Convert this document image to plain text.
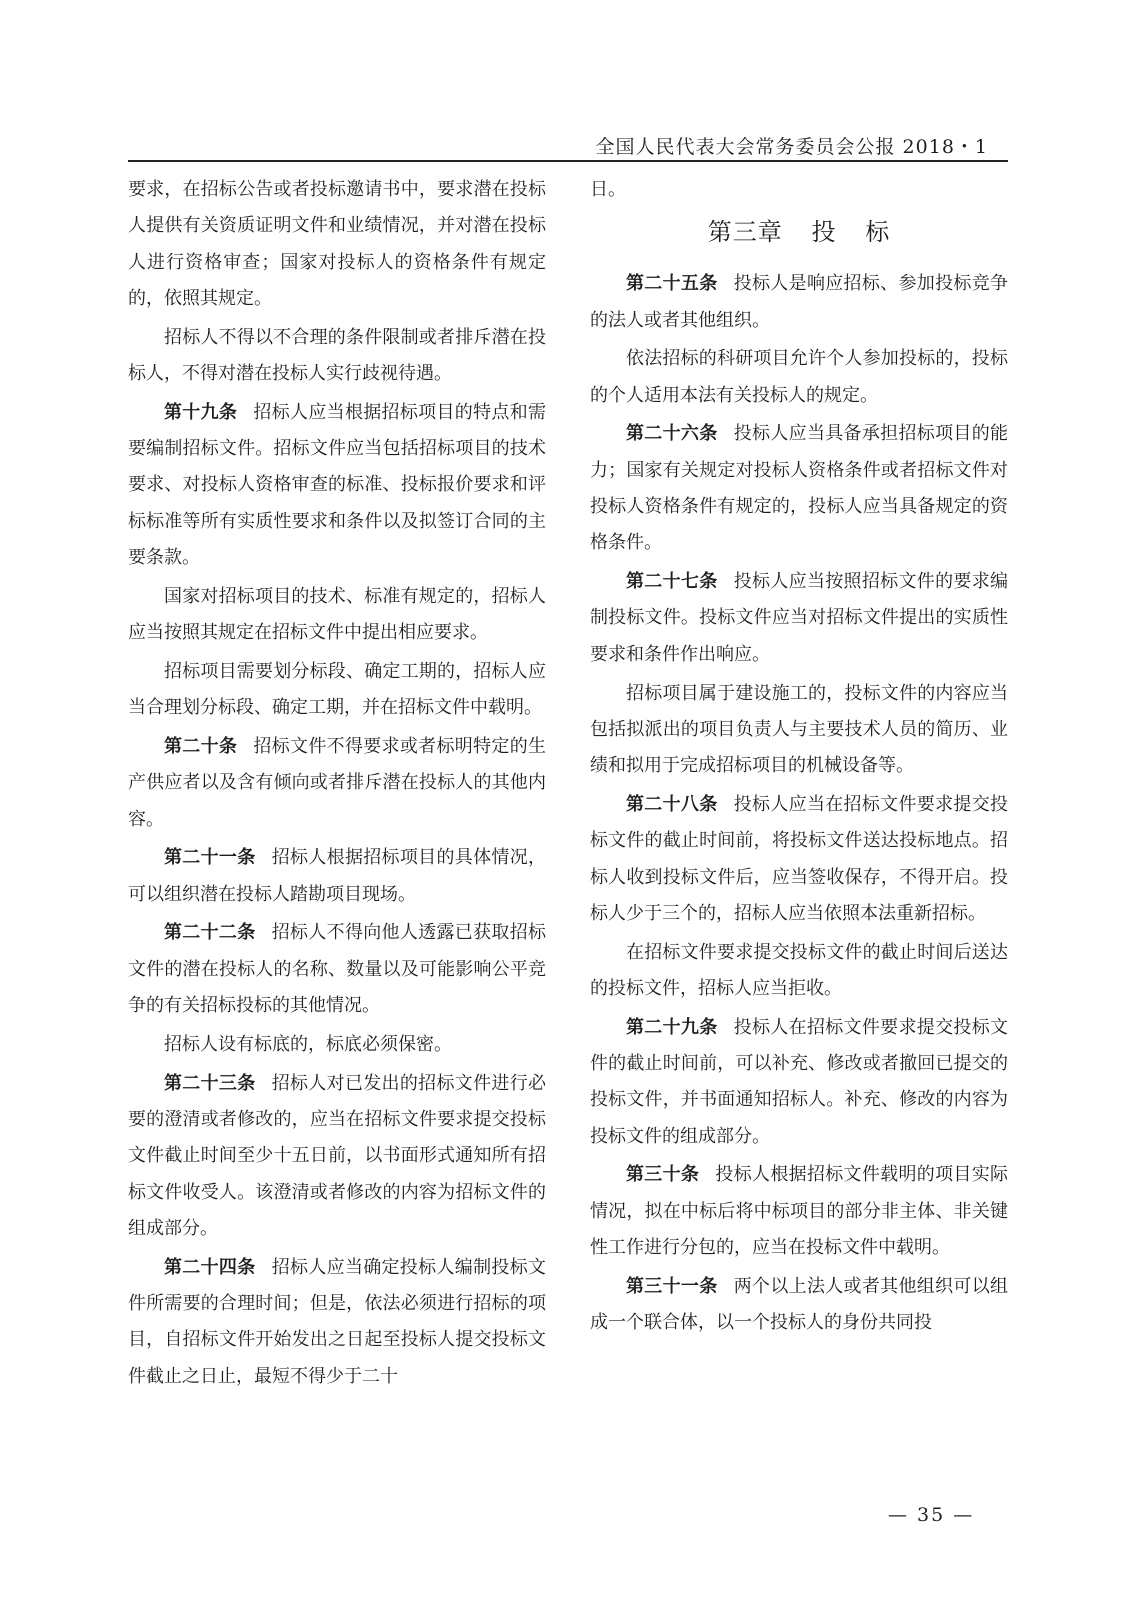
全国人民代表大会常务委员会公报 2018・1

要求，在招标公告或者投标邀请书中，要求潜在投标人提供有关资质证明文件和业绩情况，并对潜在投标人进行资格审查；国家对投标人的资格条件有规定的，依照其规定。

招标人不得以不合理的条件限制或者排斥潜在投标人，不得对潜在投标人实行歧视待遇。

第十九条 招标人应当根据招标项目的特点和需要编制招标文件。招标文件应当包括招标项目的技术要求、对投标人资格审查的标准、投标报价要求和评标标准等所有实质性要求和条件以及拟签订合同的主要条款。

国家对招标项目的技术、标准有规定的，招标人应当按照其规定在招标文件中提出相应要求。

招标项目需要划分标段、确定工期的，招标人应当合理划分标段、确定工期，并在招标文件中载明。

第二十条 招标文件不得要求或者标明特定的生产供应者以及含有倾向或者排斥潜在投标人的其他内容。

第二十一条 招标人根据招标项目的具体情况，可以组织潜在投标人踏勘项目现场。

第二十二条 招标人不得向他人透露已获取招标文件的潜在投标人的名称、数量以及可能影响公平竞争的有关招标投标的其他情况。

招标人设有标底的，标底必须保密。

第二十三条 招标人对已发出的招标文件进行必要的澄清或者修改的，应当在招标文件要求提交投标文件截止时间至少十五日前，以书面形式通知所有招标文件收受人。该澄清或者修改的内容为招标文件的组成部分。

第二十四条 招标人应当确定投标人编制投标文件所需要的合理时间；但是，依法必须进行招标的项目，自招标文件开始发出之日起至投标人提交投标文件截止之日止，最短不得少于二十

日。

第三章 投 标

第二十五条 投标人是响应招标、参加投标竞争的法人或者其他组织。

依法招标的科研项目允许个人参加投标的，投标的个人适用本法有关投标人的规定。

第二十六条 投标人应当具备承担招标项目的能力；国家有关规定对投标人资格条件或者招标文件对投标人资格条件有规定的，投标人应当具备规定的资格条件。

第二十七条 投标人应当按照招标文件的要求编制投标文件。投标文件应当对招标文件提出的实质性要求和条件作出响应。

招标项目属于建设施工的，投标文件的内容应当包括拟派出的项目负责人与主要技术人员的简历、业绩和拟用于完成招标项目的机械设备等。

第二十八条 投标人应当在招标文件要求提交投标文件的截止时间前，将投标文件送达投标地点。招标人收到投标文件后，应当签收保存，不得开启。投标人少于三个的，招标人应当依照本法重新招标。

在招标文件要求提交投标文件的截止时间后送达的投标文件，招标人应当拒收。

第二十九条 投标人在招标文件要求提交投标文件的截止时间前，可以补充、修改或者撤回已提交的投标文件，并书面通知招标人。补充、修改的内容为投标文件的组成部分。

第三十条 投标人根据招标文件载明的项目实际情况，拟在中标后将中标项目的部分非主体、非关键性工作进行分包的，应当在投标文件中载明。

第三十一条 两个以上法人或者其他组织可以组成一个联合体，以一个投标人的身份共同投

— 35 —
